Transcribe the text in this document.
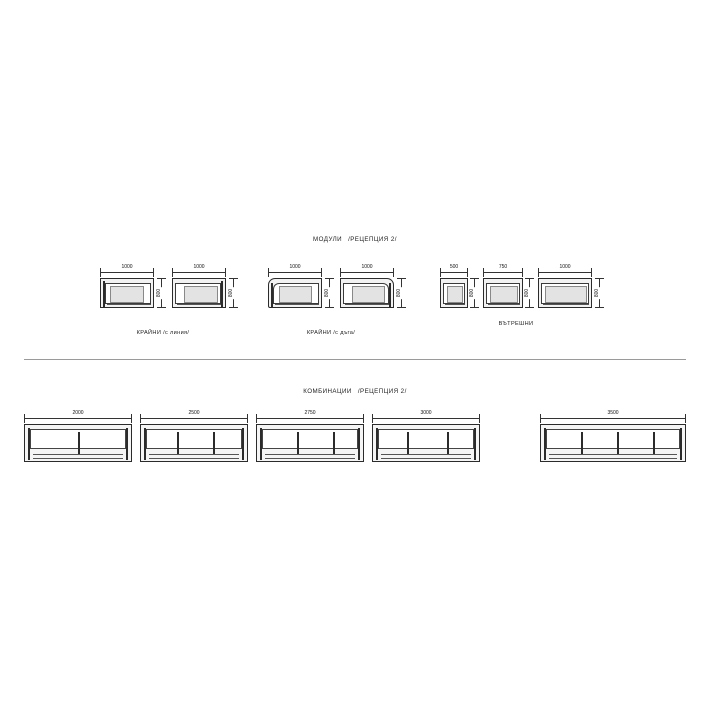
МОДУЛИ /РЕЦЕПЦИЯ 2/
1000
800
1000
800
КРАЙНИ /с линия/
1000
800
1000
800
КРАЙНИ /с дъга/
500
800
750
800
1000
800
ВЪТРЕШНИ
КОМБИНАЦИИ /РЕЦЕПЦИЯ 2/
2000	2500	2750	3000	3500
